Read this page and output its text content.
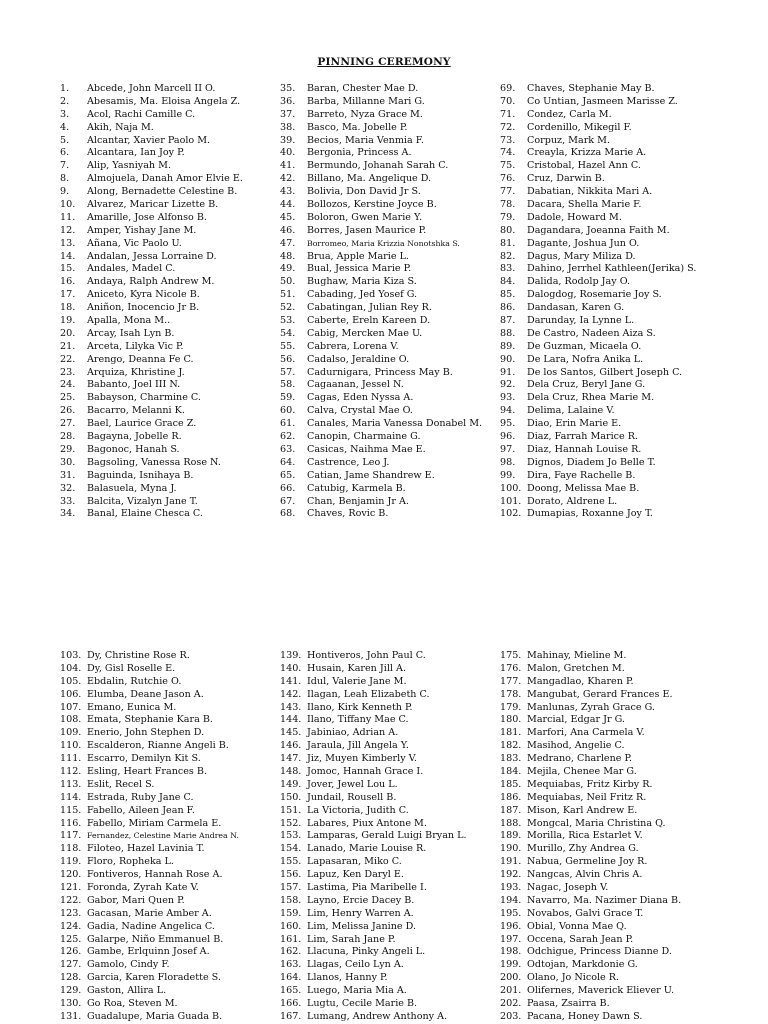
PINNING CEREMONY
1. Abcede, John Marcell II O.
2. Abesamis, Ma. Eloisa Angela Z.
3. Acol, Rachi Camille C.
4. Akih, Naja M.
5. Alcantar, Xavier Paolo M.
6. Alcantara, Ian Joy P.
7. Alip, Yasniyah M.
8. Almojuela, Danah Amor Elvie E.
9. Along, Bernadette Celestine B.
10. Alvarez, Maricar Lizette B.
11. Amarille, Jose Alfonso B.
12. Amper, Yishay Jane M.
13. Añana, Vic Paolo U.
14. Andalan, Jessa Lorraine D.
15. Andales, Madel C.
16. Andaya, Ralph Andrew M.
17. Aniceto, Kyra Nicole B.
18. Aniñon, Inocencio Jr B.
19. Apalla, Mona M..
20. Arcay, Isah Lyn B.
21. Arceta, Lilyka Vic P.
22. Arengo, Deanna Fe C.
23. Arquiza, Khristine J.
24. Babanto, Joel III N.
25. Babayson, Charmine C.
26. Bacarro, Melanni K.
27. Bael, Laurice Grace Z.
28. Bagayna, Jobelle R.
29. Bagonoc, Hanah S.
30. Bagsoling, Vanessa Rose N.
31. Baguinda, Isnihaya B.
32. Balasuela, Myna J.
33. Balcita, Vizalyn Jane T.
34. Banal, Elaine Chesca C.
35. Baran, Chester Mae D.
36. Barba, Millanne Mari G.
37. Barreto, Nyza Grace M.
38. Basco, Ma. Jobelle P.
39. Becios, Maria Venmia F.
40. Bergonia, Princess A.
41. Bermundo, Johanah Sarah C.
42. Billano, Ma. Angelique D.
43. Bolivia, Don David Jr S.
44. Bollozos, Kerstine Joyce B.
45. Boloron, Gwen Marie Y.
46. Borres, Jasen Maurice P.
47. Borromeo, Maria Krizzia Nonotshka S.
48. Brua, Apple Marie L.
49. Bual, Jessica Marie P.
50. Bughaw, Maria Kiza S.
51. Cabading, Jed Yosef G.
52. Cabatingan, Julian Rey R.
53. Caberte, Ereln Kareen D.
54. Cabig, Mercken Mae U.
55. Cabrera, Lorena V.
56. Cadalso, Jeraldine O.
57. Cadurnigara, Princess May B.
58. Cagaanan, Jessel N.
59. Cagas, Eden Nyssa A.
60. Calva, Crystal Mae O.
61. Canales, Maria Vanessa Donabel M.
62. Canopin, Charmaine G.
63. Casicas, Naihma Mae E.
64. Castrence, Leo J.
65. Catian, Jame Shandrew E.
66. Catubig, Karmela B.
67. Chan, Benjamin Jr A.
68. Chaves, Rovic B.
69. Chaves, Stephanie May B.
70. Co Untian, Jasmeen Marisse Z.
71. Condez, Carla M.
72. Cordenillo, Mikegil F.
73. Corpuz, Mark M.
74. Creayla, Krizza Marie A.
75. Cristobal, Hazel Ann C.
76. Cruz, Darwin B.
77. Dabatian, Nikkita Mari A.
78. Dacara, Shella Marie F.
79. Dadole, Howard M.
80. Dagandara, Joeanna Faith M.
81. Dagante, Joshua Jun O.
82. Dagus, Mary Miliza D.
83. Dahino, Jerrhel Kathleen(Jerika) S.
84. Dalida, Rodolp Jay O.
85. Dalogdog, Rosemarie Joy S.
86. Dandasan, Karen G.
87. Darunday, Ia Lynne L.
88. De Castro, Nadeen Aiza S.
89. De Guzman, Micaela O.
90. De Lara, Nofra Anika L.
91. De los Santos, Gilbert Joseph C.
92. Dela Cruz, Beryl Jane G.
93. Dela Cruz, Rhea Marie M.
94. Delima, Lalaine V.
95. Diao, Erin Marie E.
96. Diaz, Farrah Marice R.
97. Diaz, Hannah Louise R.
98. Dignos, Diadem Jo Belle T.
99. Dira, Faye Rachelle B.
100. Doong, Melissa Mae B.
101. Dorato, Aldrene L.
102. Dumapias, Roxanne Joy T.
103. Dy, Christine Rose R.
104. Dy, Gisl Roselle E.
105. Ebdalin, Rutchie O.
106. Elumba, Deane Jason A.
107. Emano, Eunica M.
108. Emata, Stephanie Kara B.
109. Enerio, John Stephen D.
110. Escalderon, Rianne Angeli B.
111. Escarro, Demilyn Kit S.
112. Esling, Heart Frances B.
113. Eslit, Recel S.
114. Estrada, Ruby Jane C.
115. Fabello, Aileen Jean F.
116. Fabello, Miriam Carmela E.
117. Fernandez, Celestine Marie Andrea N.
118. Filoteo, Hazel Lavinia T.
119. Floro, Ropheka L.
120. Fontiveros, Hannah Rose A.
121. Foronda, Zyrah Kate V.
122. Gabor, Mari Quen P.
123. Gacasan, Marie Amber A.
124. Gadia, Nadine Angelica C.
125. Galarpe, Niño Emmanuel B.
126. Gambe, Erlquinn Josef A.
127. Gamolo, Cindy F.
128. Garcia, Karen Floradette S.
129. Gaston, Allira L.
130. Go Roa, Steven M.
131. Guadalupe, Maria Guada B.
139. Hontiveros, John Paul C.
140. Husain, Karen Jill A.
141. Idul, Valerie Jane M.
142. Ilagan, Leah Elizabeth C.
143. Ilano, Kirk Kenneth P.
144. Ilano, Tiffany Mae C.
145. Jabiniao, Adrian A.
146. Jaraula, Jill Angela Y.
147. Jiz, Muyen Kimberly V.
148. Jomoc, Hannah Grace I.
149. Jover, Jewel Lou L.
150. Jundail, Rousell B.
151. La Victoria, Judith C.
152. Labares, Piux Antone M.
153. Lamparas, Gerald Luigi Bryan L.
154. Lanado, Marie Louise R.
155. Lapasaran, Miko C.
156. Lapuz, Ken Daryl E.
157. Lastima, Pia Maribelle I.
158. Layno, Ercie Dacey B.
159. Lim, Henry Warren A.
160. Lim, Melissa Janine D.
161. Lim, Sarah Jane P.
162. Llacuna, Pinky Angeli L.
163. Llagas, Ceilo Lyn A.
164. Llanos, Hanny P.
165. Luego, Maria Mia A.
166. Lugtu, Cecile Marie B.
167. Lumang, Andrew Anthony A.
175. Mahinay, Mieline M.
176. Malon, Gretchen M.
177. Mangadlao, Kharen P.
178. Mangubat, Gerard Frances E.
179. Manlunas, Zyrah Grace G.
180. Marcial, Edgar Jr G.
181. Marfori, Ana Carmela V.
182. Masihod, Angelie C.
183. Medrano, Charlene P.
184. Mejila, Chenee Mar G.
185. Mequiabas, Fritz Kirby R.
186. Mequiabas, Neil Fritz R.
187. Mison, Karl Andrew E.
188. Mongcal, Maria Christina Q.
189. Morilla, Rica Estarlet V.
190. Murillo, Zhy Andrea G.
191. Nabua, Germeline Joy R.
192. Nangcas, Alvin Chris A.
193. Nagac, Joseph V.
194. Navarro, Ma. Nazimer Diana B.
195. Novabos, Galvi Grace T.
196. Obial, Vonna Mae Q.
197. Occena, Sarah Jean P.
198. Odchigue, Princess Dianne D.
199. Odtojan, Markdonie G.
200. Olano, Jo Nicole R.
201. Olifernes, Maverick Eliever U.
202. Paasa, Zsairra B.
203. Pacana, Honey Dawn S.
